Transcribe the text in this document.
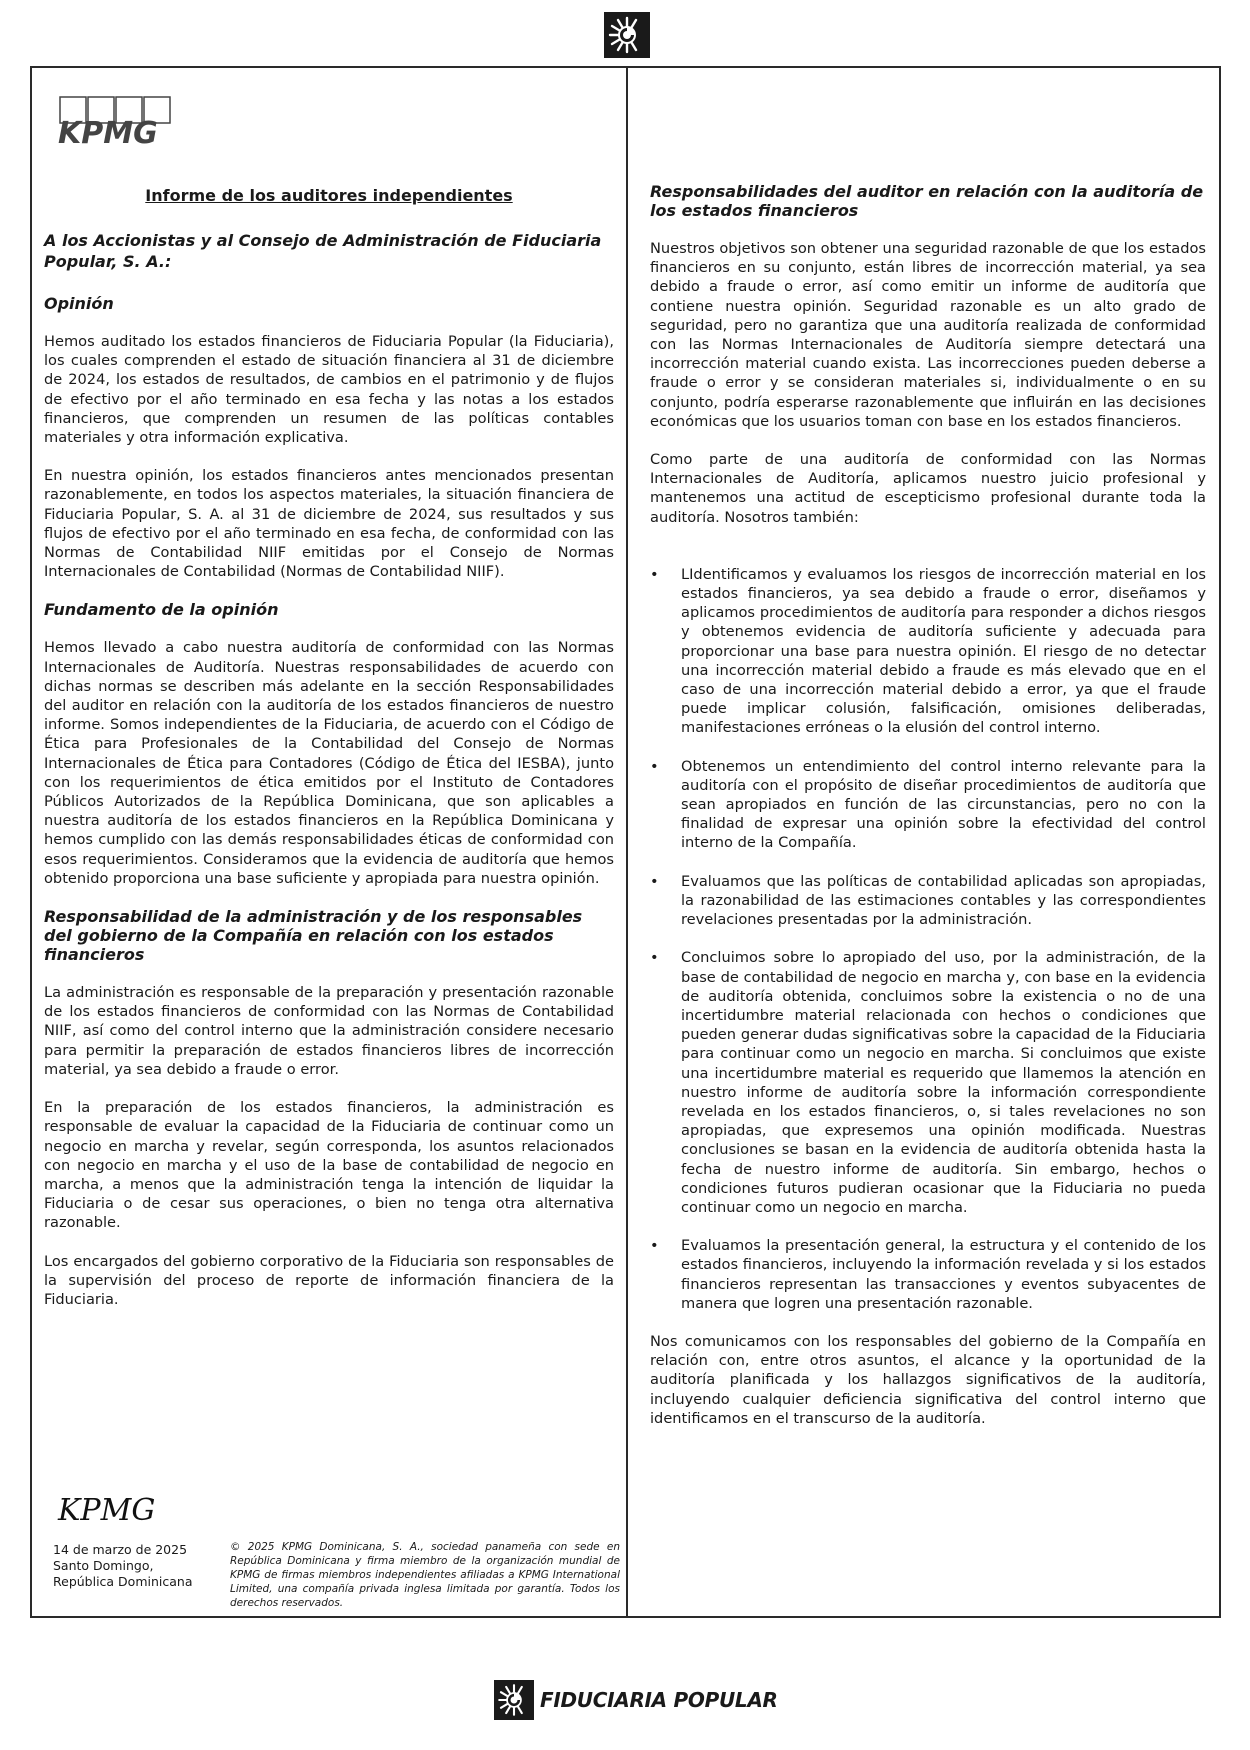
KPMG
Informe de los auditores independientes
A los Accionistas y al Consejo de Administración de Fiduciaria Popular, S. A.:
Opinión

Hemos auditado los estados financieros de Fiduciaria Popular (la Fiduciaria), los cuales comprenden el estado de situación financiera al 31 de diciembre de 2024, los estados de resultados, de cambios en el patrimonio y de flujos de efectivo por el año terminado en esa fecha y las notas a los estados financieros, que comprenden un resumen de las políticas contables materiales y otra información explicativa.

En nuestra opinión, los estados financieros antes mencionados presentan razonablemente, en todos los aspectos materiales, la situación financiera de Fiduciaria Popular, S. A. al 31 de diciembre de 2024, sus resultados y sus flujos de efectivo por el año terminado en esa fecha, de conformidad con las Normas de Contabilidad NIIF emitidas por el Consejo de Normas Internacionales de Contabilidad (Normas de Contabilidad NIIF).

Fundamento de la opinión

Hemos llevado a cabo nuestra auditoría de conformidad con las Normas Internacionales de Auditoría. Nuestras responsabilidades de acuerdo con dichas normas se describen más adelante en la sección Responsabilidades del auditor en relación con la auditoría de los estados financieros de nuestro informe. Somos independientes de la Fiduciaria, de acuerdo con el Código de Ética para Profesionales de la Contabilidad del Consejo de Normas Internacionales de Ética para Contadores (Código de Ética del IESBA), junto con los requerimientos de ética emitidos por el Instituto de Contadores Públicos Autorizados de la República Dominicana, que son aplicables a nuestra auditoría de los estados financieros en la República Dominicana y hemos cumplido con las demás responsabilidades éticas de conformidad con esos requerimientos. Consideramos que la evidencia de auditoría que hemos obtenido proporciona una base suficiente y apropiada para nuestra opinión.

Responsabilidad de la administración y de los responsables del gobierno de la Compañía en relación con los estados financieros

La administración es responsable de la preparación y presentación razonable de los estados financieros de conformidad con las Normas de Contabilidad NIIF, así como del control interno que la administración considere necesario para permitir la preparación de estados financieros libres de incorrección material, ya sea debido a fraude o error.

En la preparación de los estados financieros, la administración es responsable de evaluar la capacidad de la Fiduciaria de continuar como un negocio en marcha y revelar, según corresponda, los asuntos relacionados con negocio en marcha y el uso de la base de contabilidad de negocio en marcha, a menos que la administración tenga la intención de liquidar la Fiduciaria o de cesar sus operaciones, o bien no tenga otra alternativa razonable.

Los encargados del gobierno corporativo de la Fiduciaria son responsables de la supervisión del proceso de reporte de información financiera de la Fiduciaria.

KPMG
14 de marzo de 2025
Santo Domingo,
República Dominicana
© 2025 KPMG Dominicana, S. A., sociedad panameña con sede en República Dominicana y firma miembro de la organización mundial de KPMG de firmas miembros independientes afiliadas a KPMG International Limited, una compañía privada inglesa limitada por garantía. Todos los derechos reservados.
Responsabilidades del auditor en relación con la auditoría de los estados financieros

Nuestros objetivos son obtener una seguridad razonable de que los estados financieros en su conjunto, están libres de incorrección material, ya sea debido a fraude o error, así como emitir un informe de auditoría que contiene nuestra opinión. Seguridad razonable es un alto grado de seguridad, pero no garantiza que una auditoría realizada de conformidad con las Normas Internacionales de Auditoría siempre detectará una incorrección material cuando exista. Las incorrecciones pueden deberse a fraude o error y se consideran materiales si, individualmente o en su conjunto, podría esperarse razonablemente que influirán en las decisiones económicas que los usuarios toman con base en los estados financieros.

Como parte de una auditoría de conformidad con las Normas Internacionales de Auditoría, aplicamos nuestro juicio profesional y mantenemos una actitud de escepticismo profesional durante toda la auditoría. Nosotros también:

• LIdentificamos y evaluamos los riesgos de incorrección material en los estados financieros, ya sea debido a fraude o error, diseñamos y aplicamos procedimientos de auditoría para responder a dichos riesgos y obtenemos evidencia de auditoría suficiente y adecuada para proporcionar una base para nuestra opinión. El riesgo de no detectar una incorrección material debido a fraude es más elevado que en el caso de una incorrección material debido a error, ya que el fraude puede implicar colusión, falsificación, omisiones deliberadas, manifestaciones erróneas o la elusión del control interno.
• Obtenemos un entendimiento del control interno relevante para la auditoría con el propósito de diseñar procedimientos de auditoría que sean apropiados en función de las circunstancias, pero no con la finalidad de expresar una opinión sobre la efectividad del control interno de la Compañía.
• Evaluamos que las políticas de contabilidad aplicadas son apropiadas, la razonabilidad de las estimaciones contables y las correspondientes revelaciones presentadas por la administración.
• Concluimos sobre lo apropiado del uso, por la administración, de la base de contabilidad de negocio en marcha y, con base en la evidencia de auditoría obtenida, concluimos sobre la existencia o no de una incertidumbre material relacionada con hechos o condiciones que pueden generar dudas significativas sobre la capacidad de la Fiduciaria para continuar como un negocio en marcha. Si concluimos que existe una incertidumbre material es requerido que llamemos la atención en nuestro informe de auditoría sobre la información correspondiente revelada en los estados financieros, o, si tales revelaciones no son apropiadas, que expresemos una opinión modificada. Nuestras conclusiones se basan en la evidencia de auditoría obtenida hasta la fecha de nuestro informe de auditoría. Sin embargo, hechos o condiciones futuros pudieran ocasionar que la Fiduciaria no pueda continuar como un negocio en marcha.
• Evaluamos la presentación general, la estructura y el contenido de los estados financieros, incluyendo la información revelada y si los estados financieros representan las transacciones y eventos subyacentes de manera que logren una presentación razonable.

Nos comunicamos con los responsables del gobierno de la Compañía en relación con, entre otros asuntos, el alcance y la oportunidad de la auditoría planificada y los hallazgos significativos de la auditoría, incluyendo cualquier deficiencia significativa del control interno que identificamos en el transcurso de la auditoría.

FIDUCIARIA POPULAR
